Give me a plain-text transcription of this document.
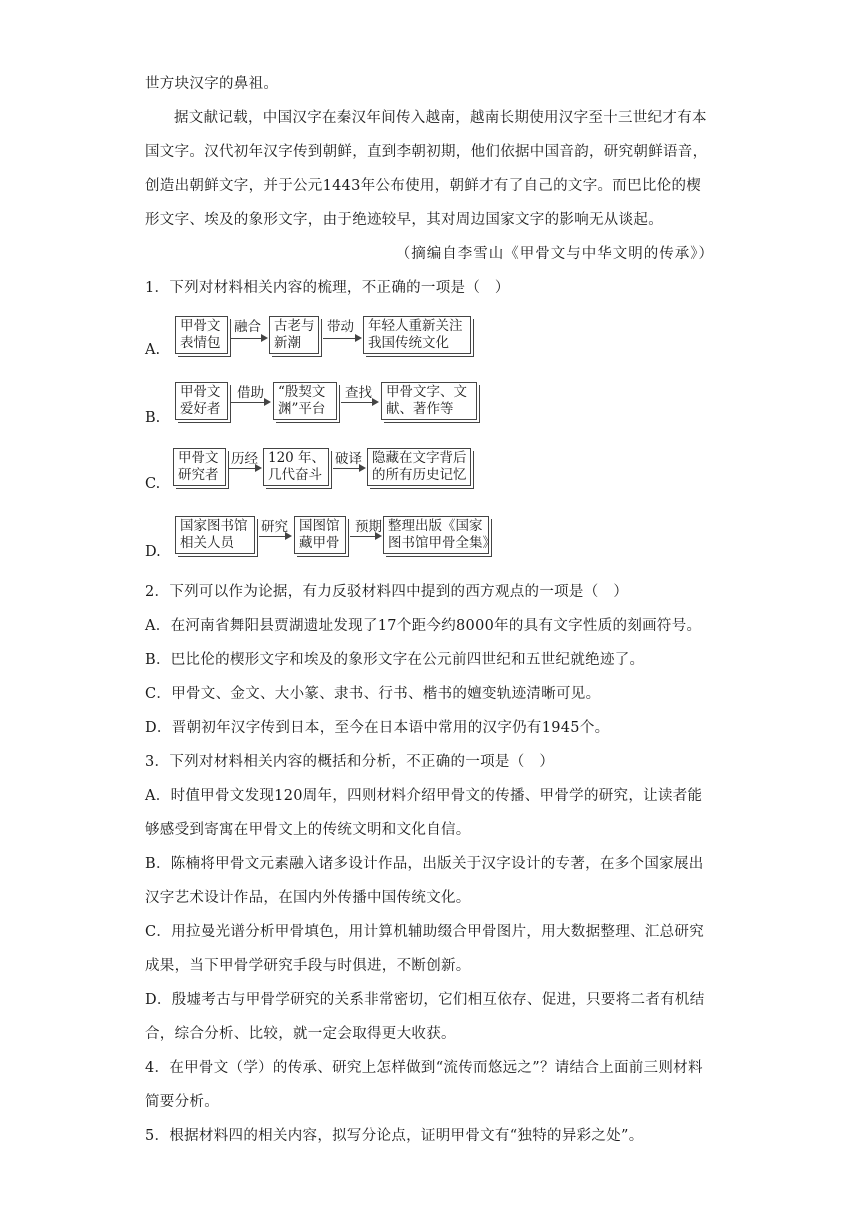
世方块汉字的鼻祖。
据文献记载，中国汉字在秦汉年间传入越南，越南长期使用汉字至十三世纪才有本
国文字。汉代初年汉字传到朝鲜，直到李朝初期，他们依据中国音韵，研究朝鲜语音，
创造出朝鲜文字，并于公元1443年公布使用，朝鲜才有了自己的文字。而巴比伦的楔
形文字、埃及的象形文字，由于绝迹较早，其对周边国家文字的影响无从谈起。
（摘编自李雪山《甲骨文与中华文明的传承》）
1．下列对材料相关内容的梳理，不正确的一项是（　）
A.
甲骨文
表情包
融合 古老与
新潮
带动 年轻人重新关注
我国传统文化
B.
甲骨文
爱好者
借助 “殷契文
渊”平台
查找 甲骨文字、文
献、著作等
C.
甲骨文
研究者
历经 120 年、
几代奋斗
破译 隐藏在文字背后
的所有历史记忆
D.
国家图书馆
相关人员
研究 国图馆
藏甲骨
预期 整理出版《国家
图书馆甲骨全集》
2．下列可以作为论据，有力反驳材料四中提到的西方观点的一项是（　）
A．在河南省舞阳县贾湖遗址发现了17个距今约8000年的具有文字性质的刻画符号。
B．巴比伦的楔形文字和埃及的象形文字在公元前四世纪和五世纪就绝迹了。
C．甲骨文、金文、大小篆、隶书、行书、楷书的嬗变轨迹清晰可见。
D．晋朝初年汉字传到日本，至今在日本语中常用的汉字仍有1945个。
3．下列对材料相关内容的概括和分析，不正确的一项是（　）
A．时值甲骨文发现120周年，四则材料介绍甲骨文的传播、甲骨学的研究，让读者能
够感受到寄寓在甲骨文上的传统文明和文化自信。
B．陈楠将甲骨文元素融入诸多设计作品，出版关于汉字设计的专著，在多个国家展出
汉字艺术设计作品，在国内外传播中国传统文化。
C．用拉曼光谱分析甲骨填色，用计算机辅助缀合甲骨图片，用大数据整理、汇总研究
成果，当下甲骨学研究手段与时俱进，不断创新。
D．殷墟考古与甲骨学研究的关系非常密切，它们相互依存、促进，只要将二者有机结
合，综合分析、比较，就一定会取得更大收获。
4．在甲骨文（学）的传承、研究上怎样做到“流传而悠远之”？请结合上面前三则材料
简要分析。
5．根据材料四的相关内容，拟写分论点，证明甲骨文有“独特的异彩之处”。
